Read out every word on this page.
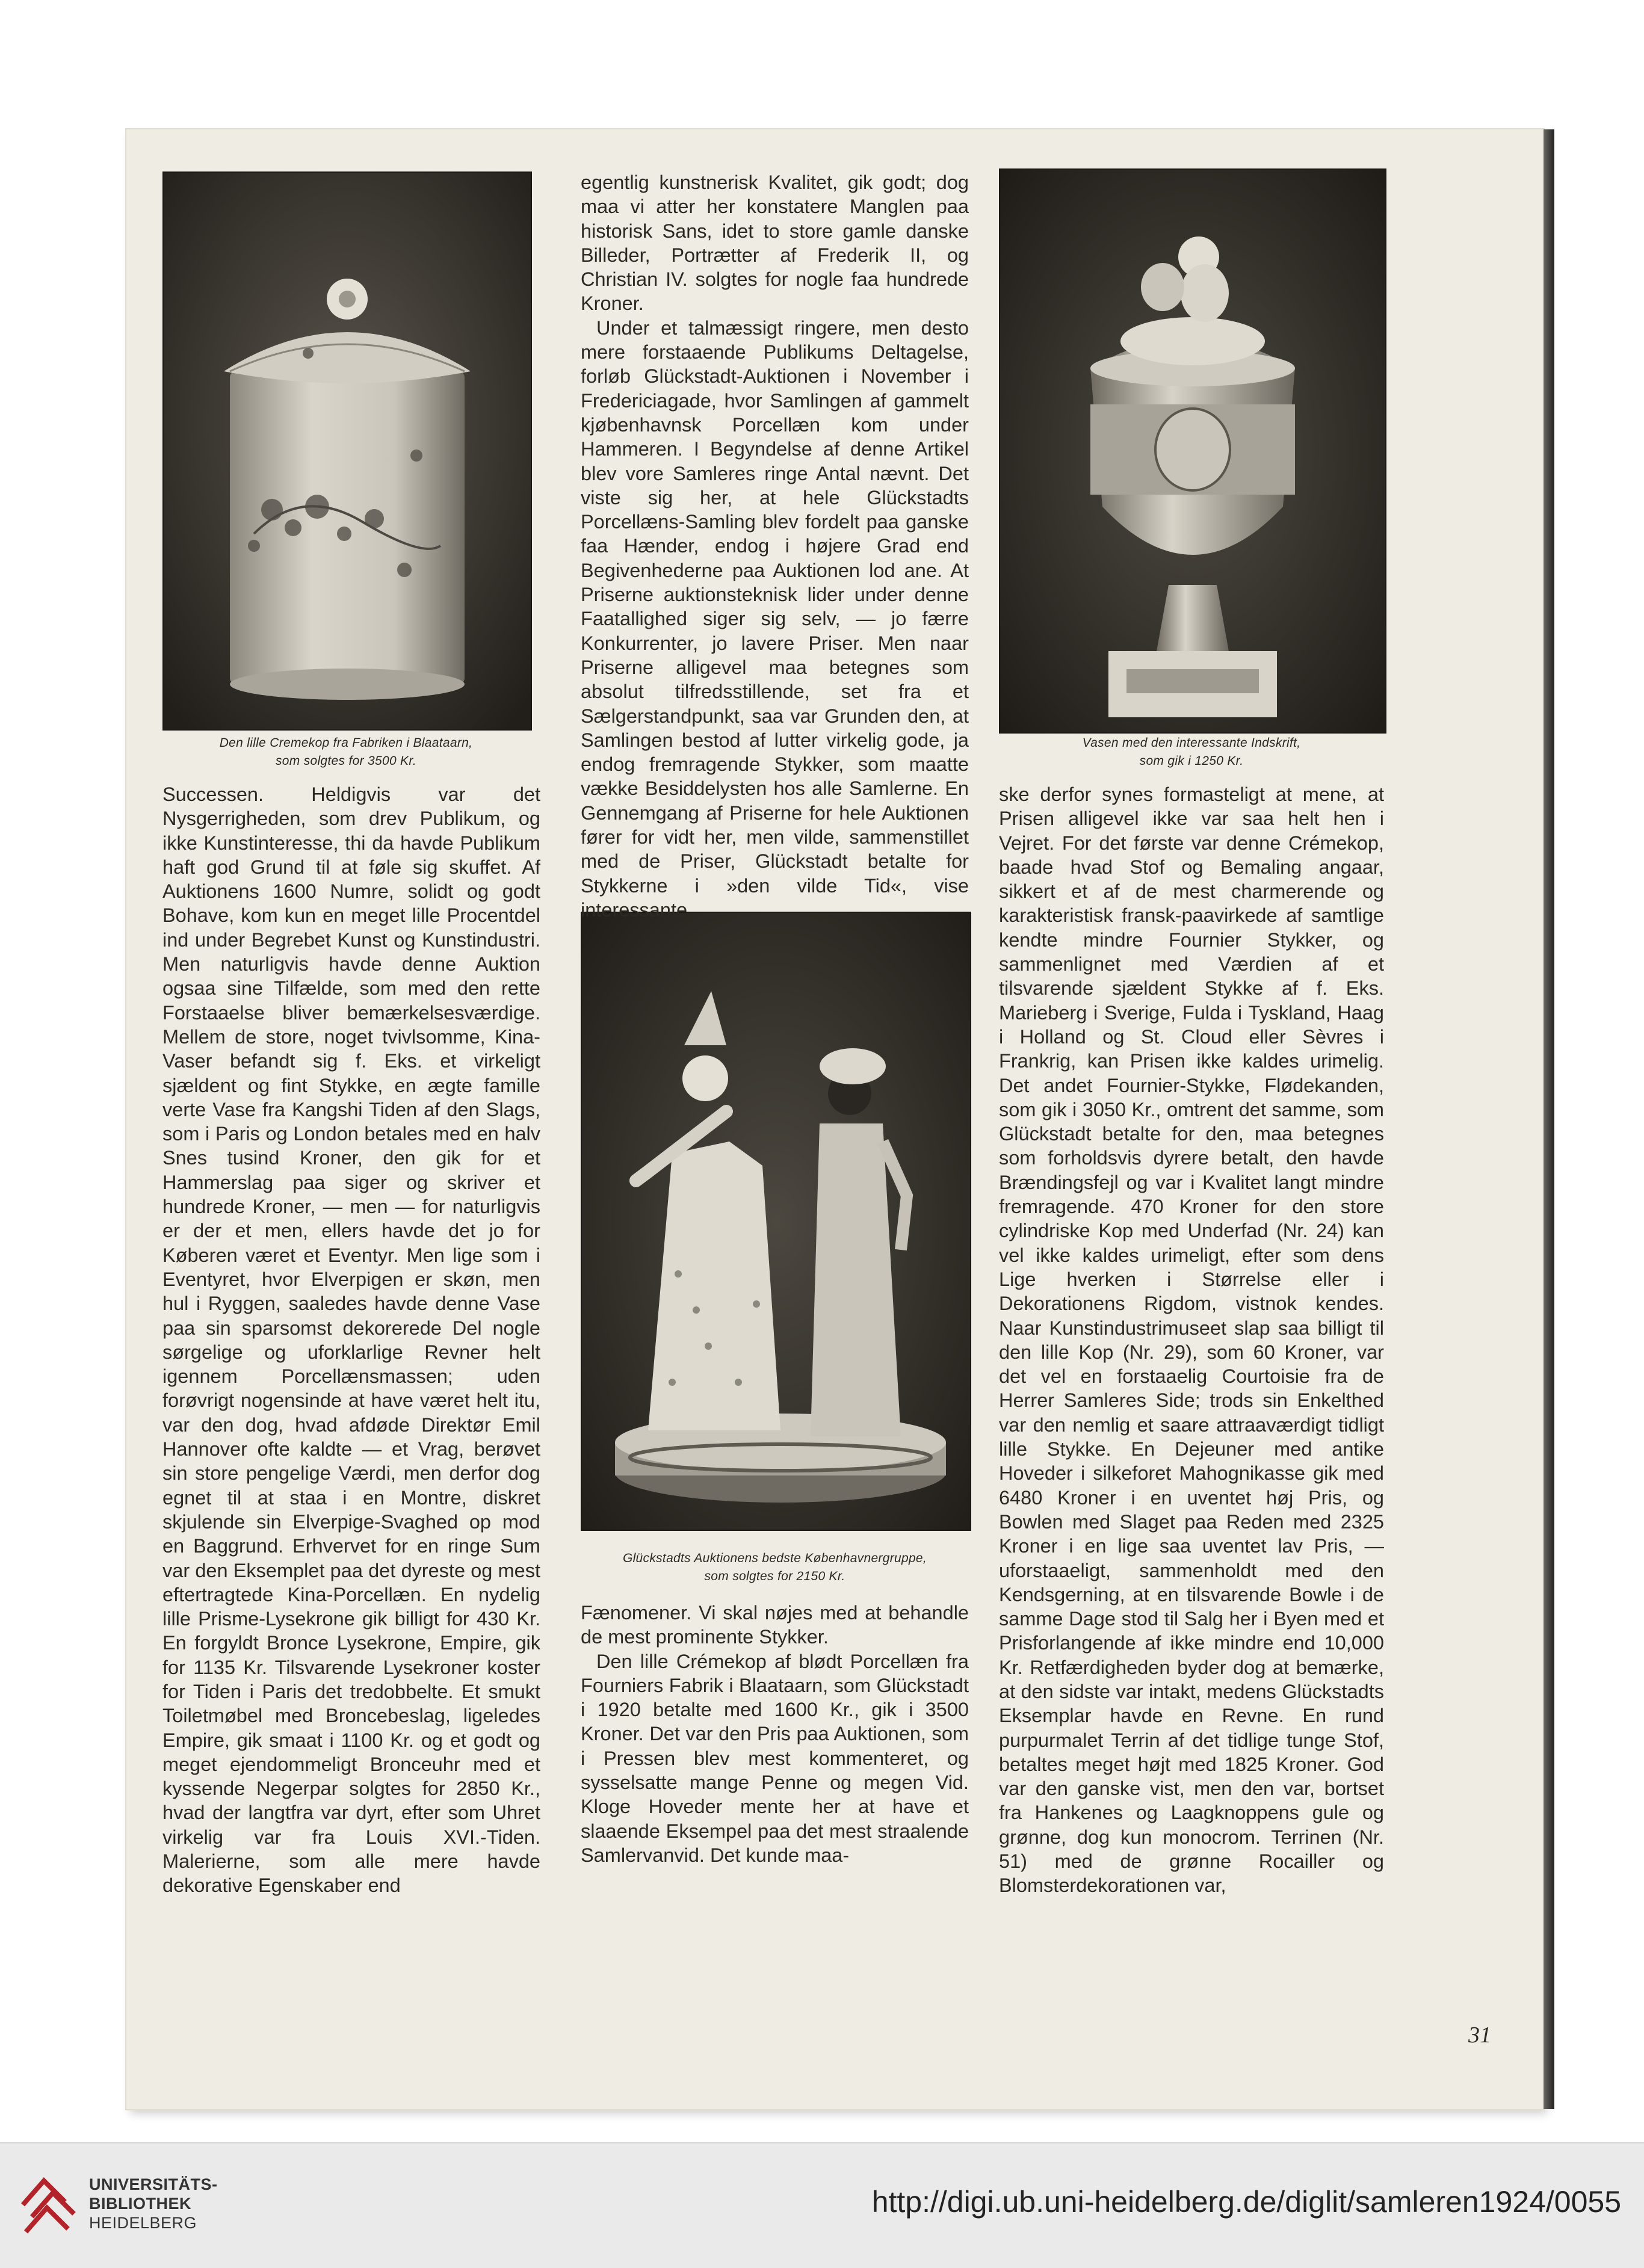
Den lille Cremekop fra Fabriken i Blaataarn,
som solgtes for 3500 Kr.
Vasen med den interessante Indskrift,
som gik i 1250 Kr.
Glückstadts Auktionens bedste Københavnergruppe,
som solgtes for 2150 Kr.

egentlig kunstnerisk Kvalitet, gik godt; dog maa vi atter her konstatere Manglen paa historisk Sans, idet to store gamle danske Billeder, Portrætter af Frederik II, og Christian IV. solgtes for nogle faa hundrede Kroner.

Under et talmæssigt ringere, men desto mere forstaaende Publikums Deltagelse, forløb Glückstadt-Auktionen i November i Fredericiagade, hvor Samlingen af gammelt kjøbenhavnsk Porcellæn kom under Hammeren. I Begyndelse af denne Artikel blev vore Samleres ringe Antal nævnt. Det viste sig her, at hele Glückstadts Porcellæns-Samling blev fordelt paa ganske faa Hænder, endog i højere Grad end Begivenhederne paa Auktionen lod ane. At Priserne auktionsteknisk lider under denne Faatallighed siger sig selv, — jo færre Konkurrenter, jo lavere Priser. Men naar Priserne alligevel maa betegnes som absolut tilfredsstillende, set fra et Sælgerstandpunkt, saa var Grunden den, at Samlingen bestod af lutter virkelig gode, ja endog fremragende Stykker, som maatte vække Besiddelysten hos alle Samlerne. En Gennemgang af Priserne for hele Auktionen fører for vidt her, men vilde, sammenstillet med de Priser, Glückstadt betalte for Stykkerne i »den vilde Tid«, vise interessante

Successen. Heldigvis var det Nysgerrigheden, som drev Publikum, og ikke Kunstinteresse, thi da havde Publikum haft god Grund til at føle sig skuffet. Af Auktionens 1600 Numre, solidt og godt Bohave, kom kun en meget lille Procentdel ind under Begrebet Kunst og Kunstindustri. Men naturligvis havde denne Auktion ogsaa sine Tilfælde, som med den rette Forstaaelse bliver bemærkelsesværdige. Mellem de store, noget tvivlsomme, Kina-Vaser befandt sig f. Eks. et virkeligt sjældent og fint Stykke, en ægte famille verte Vase fra Kangshi Tiden af den Slags, som i Paris og London betales med en halv Snes tusind Kroner, den gik for et Hammerslag paa siger og skriver et hundrede Kroner, — men — for naturligvis er der et men, ellers havde det jo for Køberen været et Eventyr. Men lige som i Eventyret, hvor Elverpigen er skøn, men hul i Ryggen, saaledes havde denne Vase paa sin sparsomst dekorerede Del nogle sørgelige og uforklarlige Revner helt igennem Porcellænsmassen; uden forøvrigt nogensinde at have været helt itu, var den dog, hvad afdøde Direktør Emil Hannover ofte kaldte — et Vrag, berøvet sin store pengelige Værdi, men derfor dog egnet til at staa i en Montre, diskret skjulende sin Elverpige-Svaghed op mod en Baggrund. Erhvervet for en ringe Sum var den Eksemplet paa det dyreste og mest eftertragtede Kina-Porcellæn. En nydelig lille Prisme-Lysekrone gik billigt for 430 Kr. En forgyldt Bronce Lysekrone, Empire, gik for 1135 Kr. Tilsvarende Lysekroner koster for Tiden i Paris det tredobbelte. Et smukt Toiletmøbel med Broncebeslag, ligeledes Empire, gik smaat i 1100 Kr. og et godt og meget ejendommeligt Bronceuhr med et kyssende Negerpar solgtes for 2850 Kr., hvad der langtfra var dyrt, efter som Uhret virkelig var fra Louis XVI.-Tiden. Malerierne, som alle mere havde dekorative Egenskaber end

Fænomener. Vi skal nøjes med at behandle de mest prominente Stykker.

Den lille Crémekop af blødt Porcellæn fra Fourniers Fabrik i Blaataarn, som Glückstadt i 1920 betalte med 1600 Kr., gik i 3500 Kroner. Det var den Pris paa Auktionen, som i Pressen blev mest kommenteret, og sysselsatte mange Penne og megen Vid. Kloge Hoveder mente her at have et slaaende Eksempel paa det mest straalende Samlervanvid. Det kunde maa-

ske derfor synes formasteligt at mene, at Prisen alligevel ikke var saa helt hen i Vejret. For det første var denne Crémekop, baade hvad Stof og Bemaling angaar, sikkert et af de mest charmerende og karakteristisk fransk-paavirkede af samtlige kendte mindre Fournier Stykker, og sammenlignet med Værdien af et tilsvarende sjældent Stykke af f. Eks. Marieberg i Sverige, Fulda i Tyskland, Haag i Holland og St. Cloud eller Sèvres i Frankrig, kan Prisen ikke kaldes urimelig. Det andet Fournier-Stykke, Flødekanden, som gik i 3050 Kr., omtrent det samme, som Glückstadt betalte for den, maa betegnes som forholdsvis dyrere betalt, den havde Brændingsfejl og var i Kvalitet langt mindre fremragende. 470 Kroner for den store cylindriske Kop med Underfad (Nr. 24) kan vel ikke kaldes urimeligt, efter som dens Lige hverken i Størrelse eller i Dekorationens Rigdom, vistnok kendes. Naar Kunstindustrimuseet slap saa billigt til den lille Kop (Nr. 29), som 60 Kroner, var det vel en forstaaelig Courtoisie fra de Herrer Samleres Side; trods sin Enkelthed var den nemlig et saare attraaværdigt tidligt lille Stykke. En Dejeuner med antike Hoveder i silkeforet Mahognikasse gik med 6480 Kroner i en uventet høj Pris, og Bowlen med Slaget paa Reden med 2325 Kroner i en lige saa uventet lav Pris, — uforstaaeligt, sammenholdt med den Kendsgerning, at en tilsvarende Bowle i de samme Dage stod til Salg her i Byen med et Prisforlangende af ikke mindre end 10,000 Kr. Retfærdigheden byder dog at bemærke, at den sidste var intakt, medens Glückstadts Eksemplar havde en Revne. En rund purpurmalet Terrin af det tidlige tunge Stof, betaltes meget højt med 1825 Kroner. God var den ganske vist, men den var, bortset fra Hankenes og Laagknoppens gule og grønne, dog kun monocrom. Terrinen (Nr. 51) med de grønne Rocailler og Blomsterdekorationen var,

31
UNIVERSITÄTS-
BIBLIOTHEK
HEIDELBERG
http://digi.ub.uni-heidelberg.de/diglit/samleren1924/0055
